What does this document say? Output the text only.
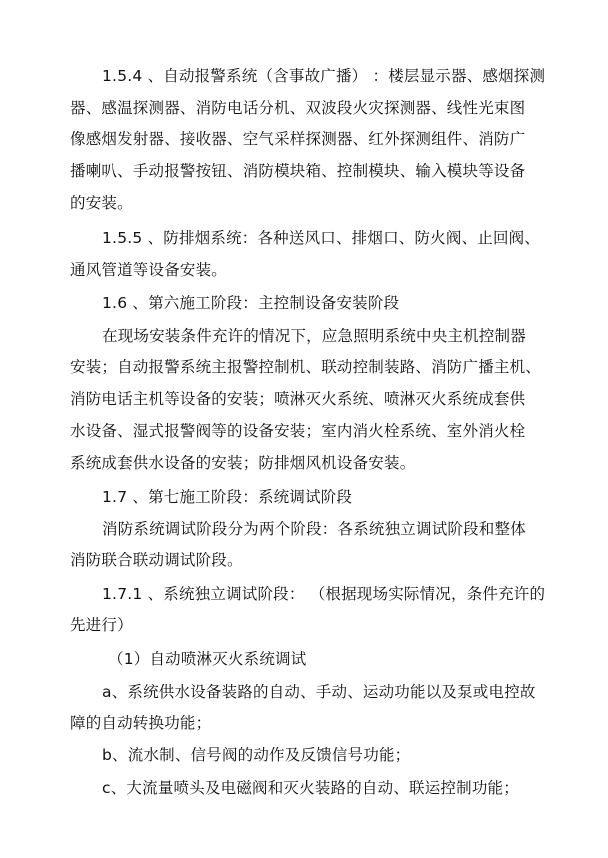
1.5.4 、自动报警系统（含事故广播） ：楼层显示器、感烟探测
器、感温探测器、消防电话分机、双波段火灾探测器、线性光束图
像感烟发射器、接收器、空气采样探测器、红外探测组件、消防广
播喇叭、手动报警按钮、消防模块箱、控制模块、输入模块等设备
的安装。
1.5.5 、防排烟系统：各种送风口、排烟口、防火阀、止回阀、
通风管道等设备安装。
1.6 、第六施工阶段：主控制设备安装阶段
在现场安装条件充许的情况下，应急照明系统中央主机控制器
安装；自动报警系统主报警控制机、联动控制装路、消防广播主机、
消防电话主机等设备的安装；喷淋灭火系统、喷淋灭火系统成套供
水设备、湿式报警阀等的设备安装；室内消火栓系统、室外消火栓
系统成套供水设备的安装；防排烟风机设备安装。
1.7 、第七施工阶段：系统调试阶段
消防系统调试阶段分为两个阶段：各系统独立调试阶段和整体
消防联合联动调试阶段。
1.7.1 、系统独立调试阶段： （根据现场实际情况，条件充许的
先进行）
（1）自动喷淋灭火系统调试
a、系统供水设备装路的自动、手动、运动功能以及泵或电控故
障的自动转换功能；
b、流水制、信号阀的动作及反馈信号功能；
c、大流量喷头及电磁阀和灭火装路的自动、联运控制功能；
